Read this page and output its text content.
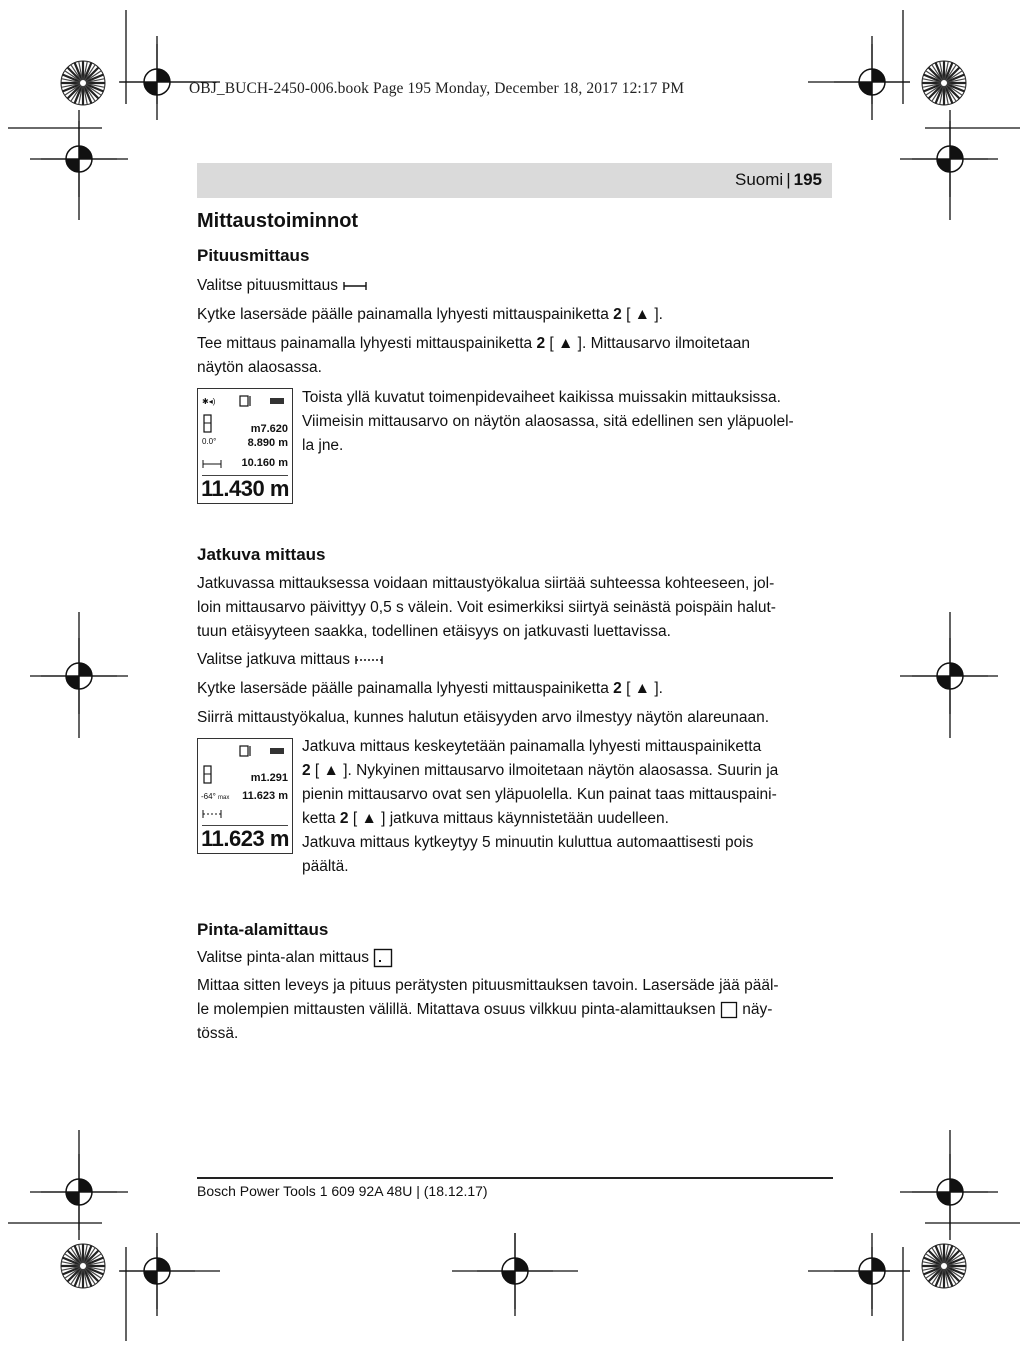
OBJ_BUCH-2450-006.book Page 195 Monday, December 18, 2017 12:17 PM
Suomi | 195
Mittaustoiminnot
Pituusmittaus
Valitse pituusmittaus
Kytke lasersäde päälle painamalla lyhyesti mittauspainiketta 2 [ ▲ ].
Tee mittaus painamalla lyhyesti mittauspainiketta 2 [ ▲ ]. Mittausarvo ilmoitetaan
näytön alaosassa.
✱◂)
m7.620
0.0°	8.890 m
10.160 m
11.430 m
Toista yllä kuvatut toimenpidevaiheet kaikissa muissakin mittauksissa.
Viimeisin mittausarvo on näytön alaosassa, sitä edellinen sen yläpuolel-
la jne.
Jatkuva mittaus
Jatkuvassa mittauksessa voidaan mittaustyökalua siirtää suhteessa kohteeseen, jol-
loin mittausarvo päivittyy 0,5 s välein. Voit esimerkiksi siirtyä seinästä poispäin halut-
tuun etäisyyteen saakka, todellinen etäisyys on jatkuvasti luettavissa.
Valitse jatkuva mittaus
Kytke lasersäde päälle painamalla lyhyesti mittauspainiketta 2 [ ▲ ].
Siirrä mittaustyökalua, kunnes halutun etäisyyden arvo ilmestyy näytön alareunaan.
m1.291
-64° max 11.623 m
11.623 m
Jatkuva mittaus keskeytetään painamalla lyhyesti mittauspainiketta
2 [ ▲ ]. Nykyinen mittausarvo ilmoitetaan näytön alaosassa. Suurin ja
pienin mittausarvo ovat sen yläpuolella. Kun painat taas mittauspaini-
ketta 2 [ ▲ ] jatkuva mittaus käynnistetään uudelleen.
Jatkuva mittaus kytkeytyy 5 minuutin kuluttua automaattisesti pois
päältä.
Pinta-alamittaus
Valitse pinta-alan mittaus
Mittaa sitten leveys ja pituus perätysten pituusmittauksen tavoin. Lasersäde jää pääl-
le molempien mittausten välillä. Mitattava osuus vilkkuu pinta-alamittauksen  näy-
tössä.
Bosch Power Tools 1 609 92A 48U | (18.12.17)
